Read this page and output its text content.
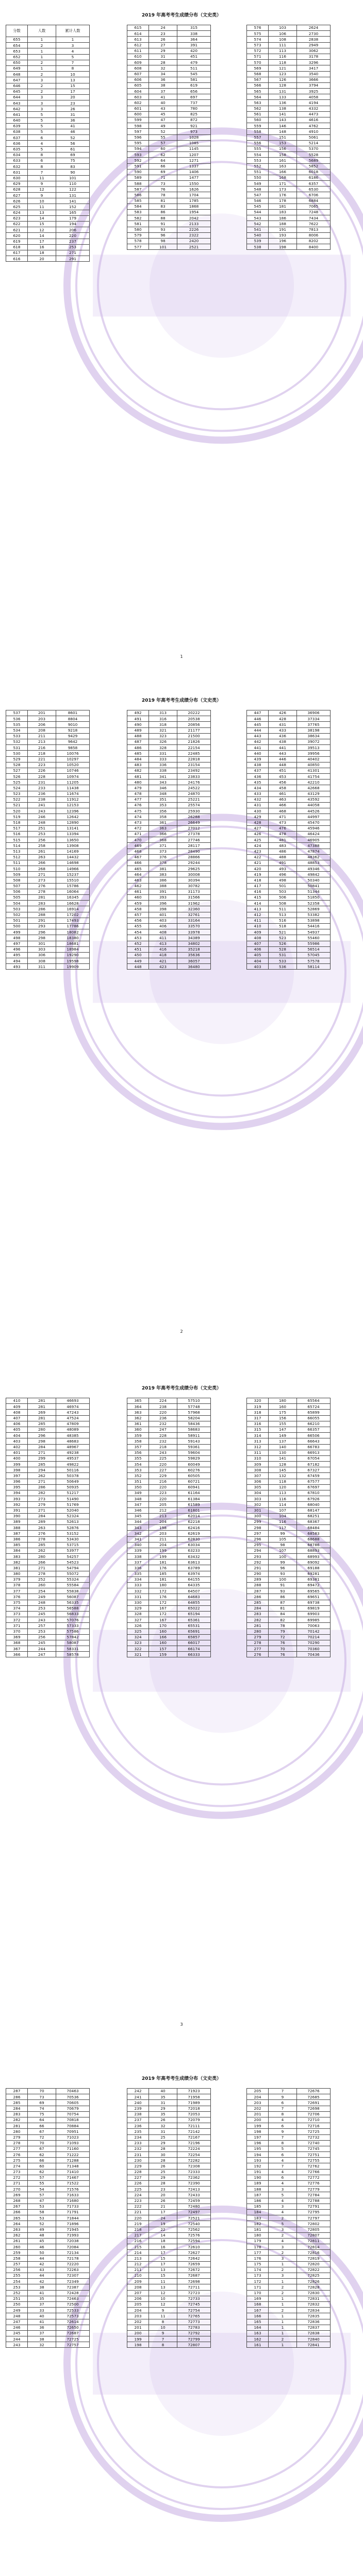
2019 年高考考生成绩分布（文史类）
分数	人数	累计人数
655	1	1
654	2	3
653	1	4
652	1	5
650	2	7
649	1	8
648	2	10
647	3	13
646	2	15
645	2	17
644	3	20
643	3	23
642	3	26
641	5	31
640	5	36
639	5	41
638	5	46
637	6	52
636	4	56
635	5	61
634	8	69
633	6	75
632	8	83
631	7	90
630	11	101
629	9	110
628	12	122
627	9	131
626	10	141
625	11	152
624	13	165
623	14	179
622	15	194
621	12	206
620	14	220
619	17	237
618	16	253
617	18	271
616	20	291
615	24	315
614	23	338
613	26	364
612	27	391
611	29	420
610	31	451
609	28	479
608	32	511
607	34	545
606	36	581
605	38	619
604	37	656
603	41	697
602	40	737
601	43	780
600	45	825
599	47	872
598	49	921
597	52	973
596	55	1028
595	57	1085
594	60	1145
593	62	1207
592	64	1271
591	66	1337
590	69	1406
589	71	1477
588	73	1550
587	76	1626
586	78	1704
585	81	1785
584	83	1868
583	86	1954
582	88	2042
581	91	2133
580	93	2226
579	96	2322
578	98	2420
577	101	2521
576	103	2624
575	106	2730
574	108	2838
573	111	2949
572	113	3062
571	116	3178
570	118	3296
569	121	3417
568	123	3540
567	126	3666
566	128	3794
565	131	3925
564	133	4058
563	136	4194
562	138	4332
561	141	4473
560	143	4616
559	146	4762
558	148	4910
557	151	5061
556	153	5214
555	156	5370
554	158	5528
553	161	5689
552	163	5852
551	166	6018
550	168	6186
549	171	6357
548	173	6530
547	176	6706
546	178	6884
545	181	7065
544	183	7248
543	186	7434
542	188	7622
541	191	7813
540	193	8006
539	196	8202
538	198	8400
1
2019 年高考考生成绩分布（文史类）
537	201	8601
536	203	8804
535	206	9010
534	208	9218
533	211	9429
532	213	9642
531	216	9858
530	218	10076
529	221	10297
528	223	10520
527	226	10746
526	228	10974
525	231	11205
524	233	11438
523	236	11674
522	238	11912
521	241	12153
520	243	12396
519	246	12642
518	248	12890
517	251	13141
516	253	13394
515	256	13650
514	258	13908
513	261	14169
512	263	14432
511	266	14698
510	268	14966
509	271	15237
508	273	15510
507	276	15786
506	278	16064
505	281	16345
504	283	16628
503	286	16914
502	288	17202
501	291	17493
500	293	17786
499	296	18082
498	298	18380
497	301	18681
496	303	18984
495	306	19290
494	308	19598
493	311	19909
492	313	20222
491	316	20538
490	318	20856
489	321	21177
488	323	21500
487	326	21826
486	328	22154
485	331	22485
484	333	22818
483	336	23154
482	338	23492
481	341	23833
480	343	24176
479	346	24522
478	348	24870
477	351	25221
476	353	25574
475	356	25930
474	358	26288
473	361	26649
472	363	27012
471	366	27378
470	368	27746
469	371	28117
468	373	28490
467	376	28866
466	378	29244
465	381	29625
464	383	30008
463	386	30394
462	388	30782
461	391	31173
460	393	31566
459	396	31962
458	398	32360
457	401	32761
456	403	33164
455	406	33570
454	408	33978
453	411	34389
452	413	34802
451	416	35218
450	418	35636
449	421	36057
448	423	36480
447	426	36906
446	428	37334
445	431	37765
444	433	38198
443	436	38634
442	438	39072
441	441	39513
440	443	39956
439	446	40402
438	448	40850
437	451	41301
436	453	41754
435	456	42210
434	458	42668
433	461	43129
432	463	43592
431	466	44058
430	468	44526
429	471	44997
428	473	45470
427	476	45946
426	478	46424
425	481	46905
424	483	47388
423	486	47874
422	488	48362
421	491	48853
420	493	49346
419	496	49842
418	498	50340
417	501	50841
416	503	51344
415	506	51850
414	508	52358
413	511	52869
412	513	53382
411	516	53898
410	518	54416
409	521	54937
408	523	55460
407	526	55986
406	528	56514
405	531	57045
404	533	57578
403	536	58114
2
2019 年高考考生成绩分布（文史类）
410	281	46693
409	281	46974
408	269	47243
407	281	47524
406	285	47809
405	280	48089
404	296	48385
403	298	48683
402	284	48967
401	271	49238
400	299	49537
399	285	49822
398	294	50116
397	262	50378
396	271	50649
395	286	50935
394	282	51217
393	273	51490
392	279	51769
391	271	52040
390	284	52324
389	289	52613
388	263	52876
387	276	53152
386	278	53430
385	285	53715
384	262	53977
383	280	54257
382	266	54523
381	271	54794
380	278	55072
379	252	55324
378	260	55584
377	254	55838
376	249	56087
375	248	56335
374	253	56588
373	245	56833
372	243	57076
371	257	57333
370	253	57586
369	256	57842
368	245	58087
367	244	58331
366	247	58578
365	224	57510
364	238	57748
363	220	57968
362	236	58204
361	232	58436
360	247	58683
359	228	58911
358	232	59143
357	218	59361
356	243	59604
355	225	59829
354	220	60049
353	227	60276
352	229	60505
351	216	60721
350	220	60941
349	223	61164
348	220	61384
347	205	61589
346	212	61801
345	213	62014
344	204	62218
343	198	62416
342	203	62619
341	211	62830
340	204	63034
339	199	63233
338	199	63432
337	181	63613
336	176	63789
335	185	63974
334	181	64155
333	180	64335
332	172	64507
331	176	64683
330	172	64855
329	167	65022
328	172	65194
327	167	65361
326	170	65531
325	160	65691
324	166	65857
323	160	66017
322	157	66174
321	159	66333
320	180	65564
319	160	65724
318	175	65899
317	156	66055
316	155	66210
315	147	66357
314	149	66506
313	137	66643
312	140	66783
311	130	66913
310	141	67054
309	128	67182
308	145	67327
307	132	67459
306	118	67577
305	120	67697
304	113	67810
303	116	67926
302	114	68040
301	107	68147
300	104	68251
299	116	68367
298	117	68484
297	99	68583
296	105	68688
295	98	68786
294	107	68893
293	100	68993
292	99	69092
291	96	69188
290	93	69281
289	100	69381
288	91	69472
287	93	69565
286	86	69651
285	87	69738
284	81	69819
283	84	69903
282	82	69985
281	78	70063
280	79	70142
279	72	70214
278	76	70290
277	70	70360
276	76	70436
3
2019 年高考考生成绩分布（文史类）
287	70	70463
286	73	70536
285	69	70605
284	74	70679
283	75	70754
282	64	70818
281	66	70884
280	67	70951
279	72	71023
278	70	71093
277	67	71160
276	62	71222
275	66	71288
274	60	71348
273	62	71410
272	57	71467
271	55	71522
270	54	71576
269	57	71633
268	47	71680
267	53	71733
266	58	71791
265	53	71844
264	52	71896
263	49	71945
262	48	71993
261	45	72038
260	46	72084
259	50	72134
258	44	72178
257	42	72220
256	43	72263
255	44	72307
254	42	72349
253	38	72387
252	41	72428
251	35	72463
250	37	72500
249	33	72533
248	40	72573
247	41	72614
246	36	72650
245	37	72687
244	38	72725
243	32	72757
242	40	71923
241	35	71958
240	31	71989
239	29	72018
238	35	72053
237	26	72079
236	32	72111
235	31	72142
234	25	72167
233	29	72196
232	28	72224
231	30	72254
230	28	72282
229	26	72308
228	25	72333
227	29	72362
226	28	72390
225	23	72413
224	20	72433
223	26	72459
222	21	72480
221	17	72497
220	24	72521
219	19	72540
218	22	72562
217	14	72576
216	18	72594
215	16	72610
214	17	72627
213	15	72642
212	17	72659
211	13	72672
210	15	72687
209	11	72698
208	13	72711
207	12	72723
206	10	72733
205	12	72745
204	9	72754
203	11	72765
202	8	72773
201	10	72783
200	9	72792
199	7	72799
198	8	72807
205	7	72676
204	9	72685
203	6	72691
202	7	72698
201	8	72706
200	4	72710
199	6	72716
198	9	72725
197	7	72732
196	8	72740
195	5	72745
194	6	72751
193	4	72755
192	7	72762
191	4	72766
190	6	72772
189	4	72776
188	3	72779
187	5	72784
186	4	72788
185	3	72791
184	4	72795
183	2	72797
182	5	72802
181	3	72805
180	2	72807
179	4	72811
178	3	72814
177	2	72816
176	3	72819
175	1	72820
174	2	72822
173	3	72825
172	1	72826
171	2	72828
170	2	72830
169	1	72831
168	1	72832
167	2	72834
166	1	72835
165	1	72836
164	1	72837
163	1	72838
162	2	72840
161	1	72841
